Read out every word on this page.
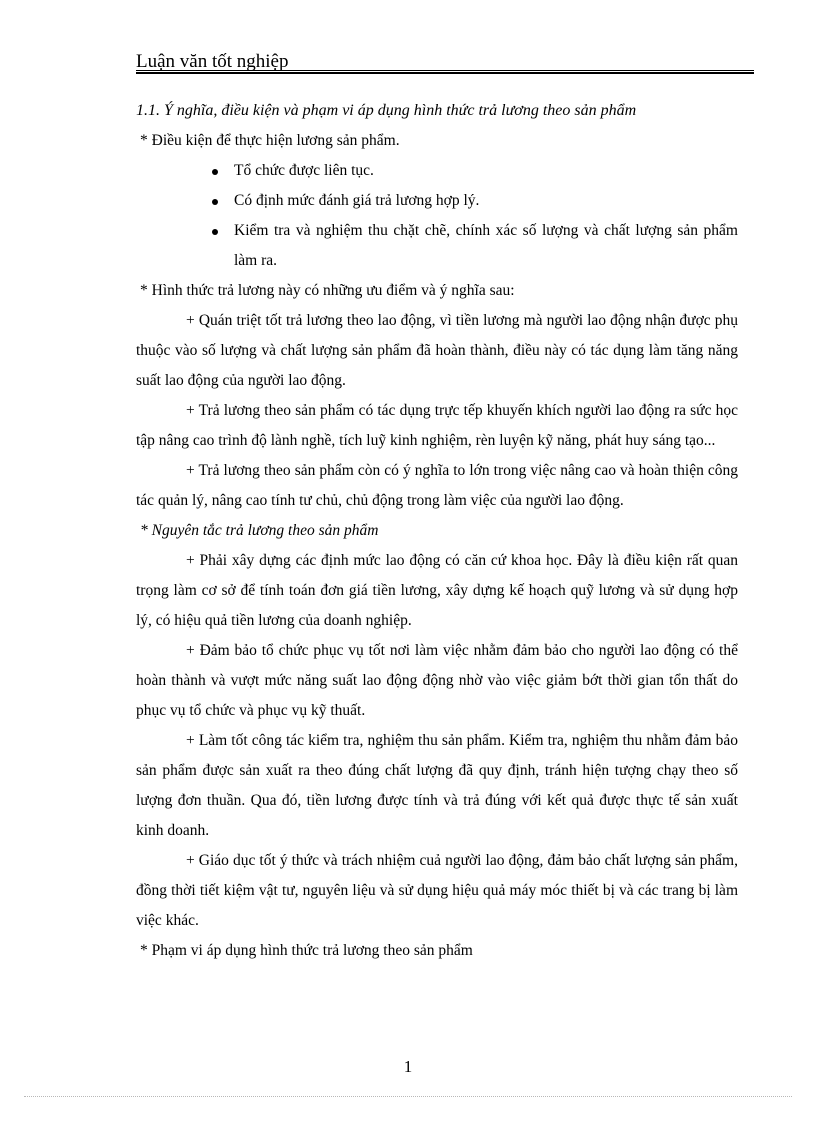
Luận văn tốt nghiệp

1.1. Ý nghĩa, điều kiện và phạm vi áp dụng hình thức trả lương theo sản phẩm

* Điều kiện để thực hiện lương sản phẩm.

Tổ chức được liên tục.
Có định mức đánh giá trả lương hợp lý.
Kiểm tra và nghiệm thu chặt chẽ, chính xác số lượng và chất lượng sản phẩm làm ra.

* Hình thức trả lương này có những ưu điểm và ý nghĩa sau:

+ Quán triệt tốt trả lương theo lao động, vì tiền lương mà người lao động nhận được phụ thuộc vào số lượng và chất lượng sản phẩm đã hoàn thành, điều này có tác dụng làm tăng năng suất lao động của người lao động.

+ Trả lương theo sản phẩm có tác dụng trực tếp khuyến khích người lao động ra sức học tập nâng cao trình độ lành nghề, tích luỹ kinh nghiệm, rèn luyện kỹ năng, phát huy sáng tạo...

+ Trả lương theo sản phẩm còn có ý nghĩa to lớn trong việc nâng cao và hoàn thiện công tác quản lý, nâng cao tính tư chủ, chủ động trong làm việc của người lao động.

* Nguyên tắc trả lương theo sản phẩm

+ Phải xây dựng các định mức lao động có căn cứ khoa học. Đây là điều kiện rất quan trọng làm cơ sở để tính toán đơn giá tiền lương, xây dựng kế hoạch quỹ lương và sử dụng hợp lý, có hiệu quả tiền lương của doanh nghiệp.

+ Đảm bảo tổ chức phục vụ tốt nơi làm việc nhằm đảm bảo cho người lao động có thể hoàn thành và vượt mức năng suất lao động động nhờ vào việc giảm bớt thời gian tổn thất do phục vụ tổ chức và phục vụ kỹ thuất.

+ Làm tốt công tác kiểm tra, nghiệm thu sản phẩm. Kiểm tra, nghiệm thu nhằm đảm bảo sản phẩm được sản xuất ra theo đúng chất lượng đã quy định, tránh hiện tượng chạy theo số lượng đơn thuần. Qua đó, tiền lương được tính và trả đúng với kết quả được thực tế sản xuất kinh doanh.

+ Giáo dục tốt ý thức và trách nhiệm cuả người lao động, đảm bảo chất lượng sản phẩm, đồng thời tiết kiệm vật tư, nguyên liệu và sử dụng hiệu quả máy móc thiết bị và các trang bị làm việc khác.

* Phạm vi áp dụng hình thức trả lương theo sản phẩm

1
